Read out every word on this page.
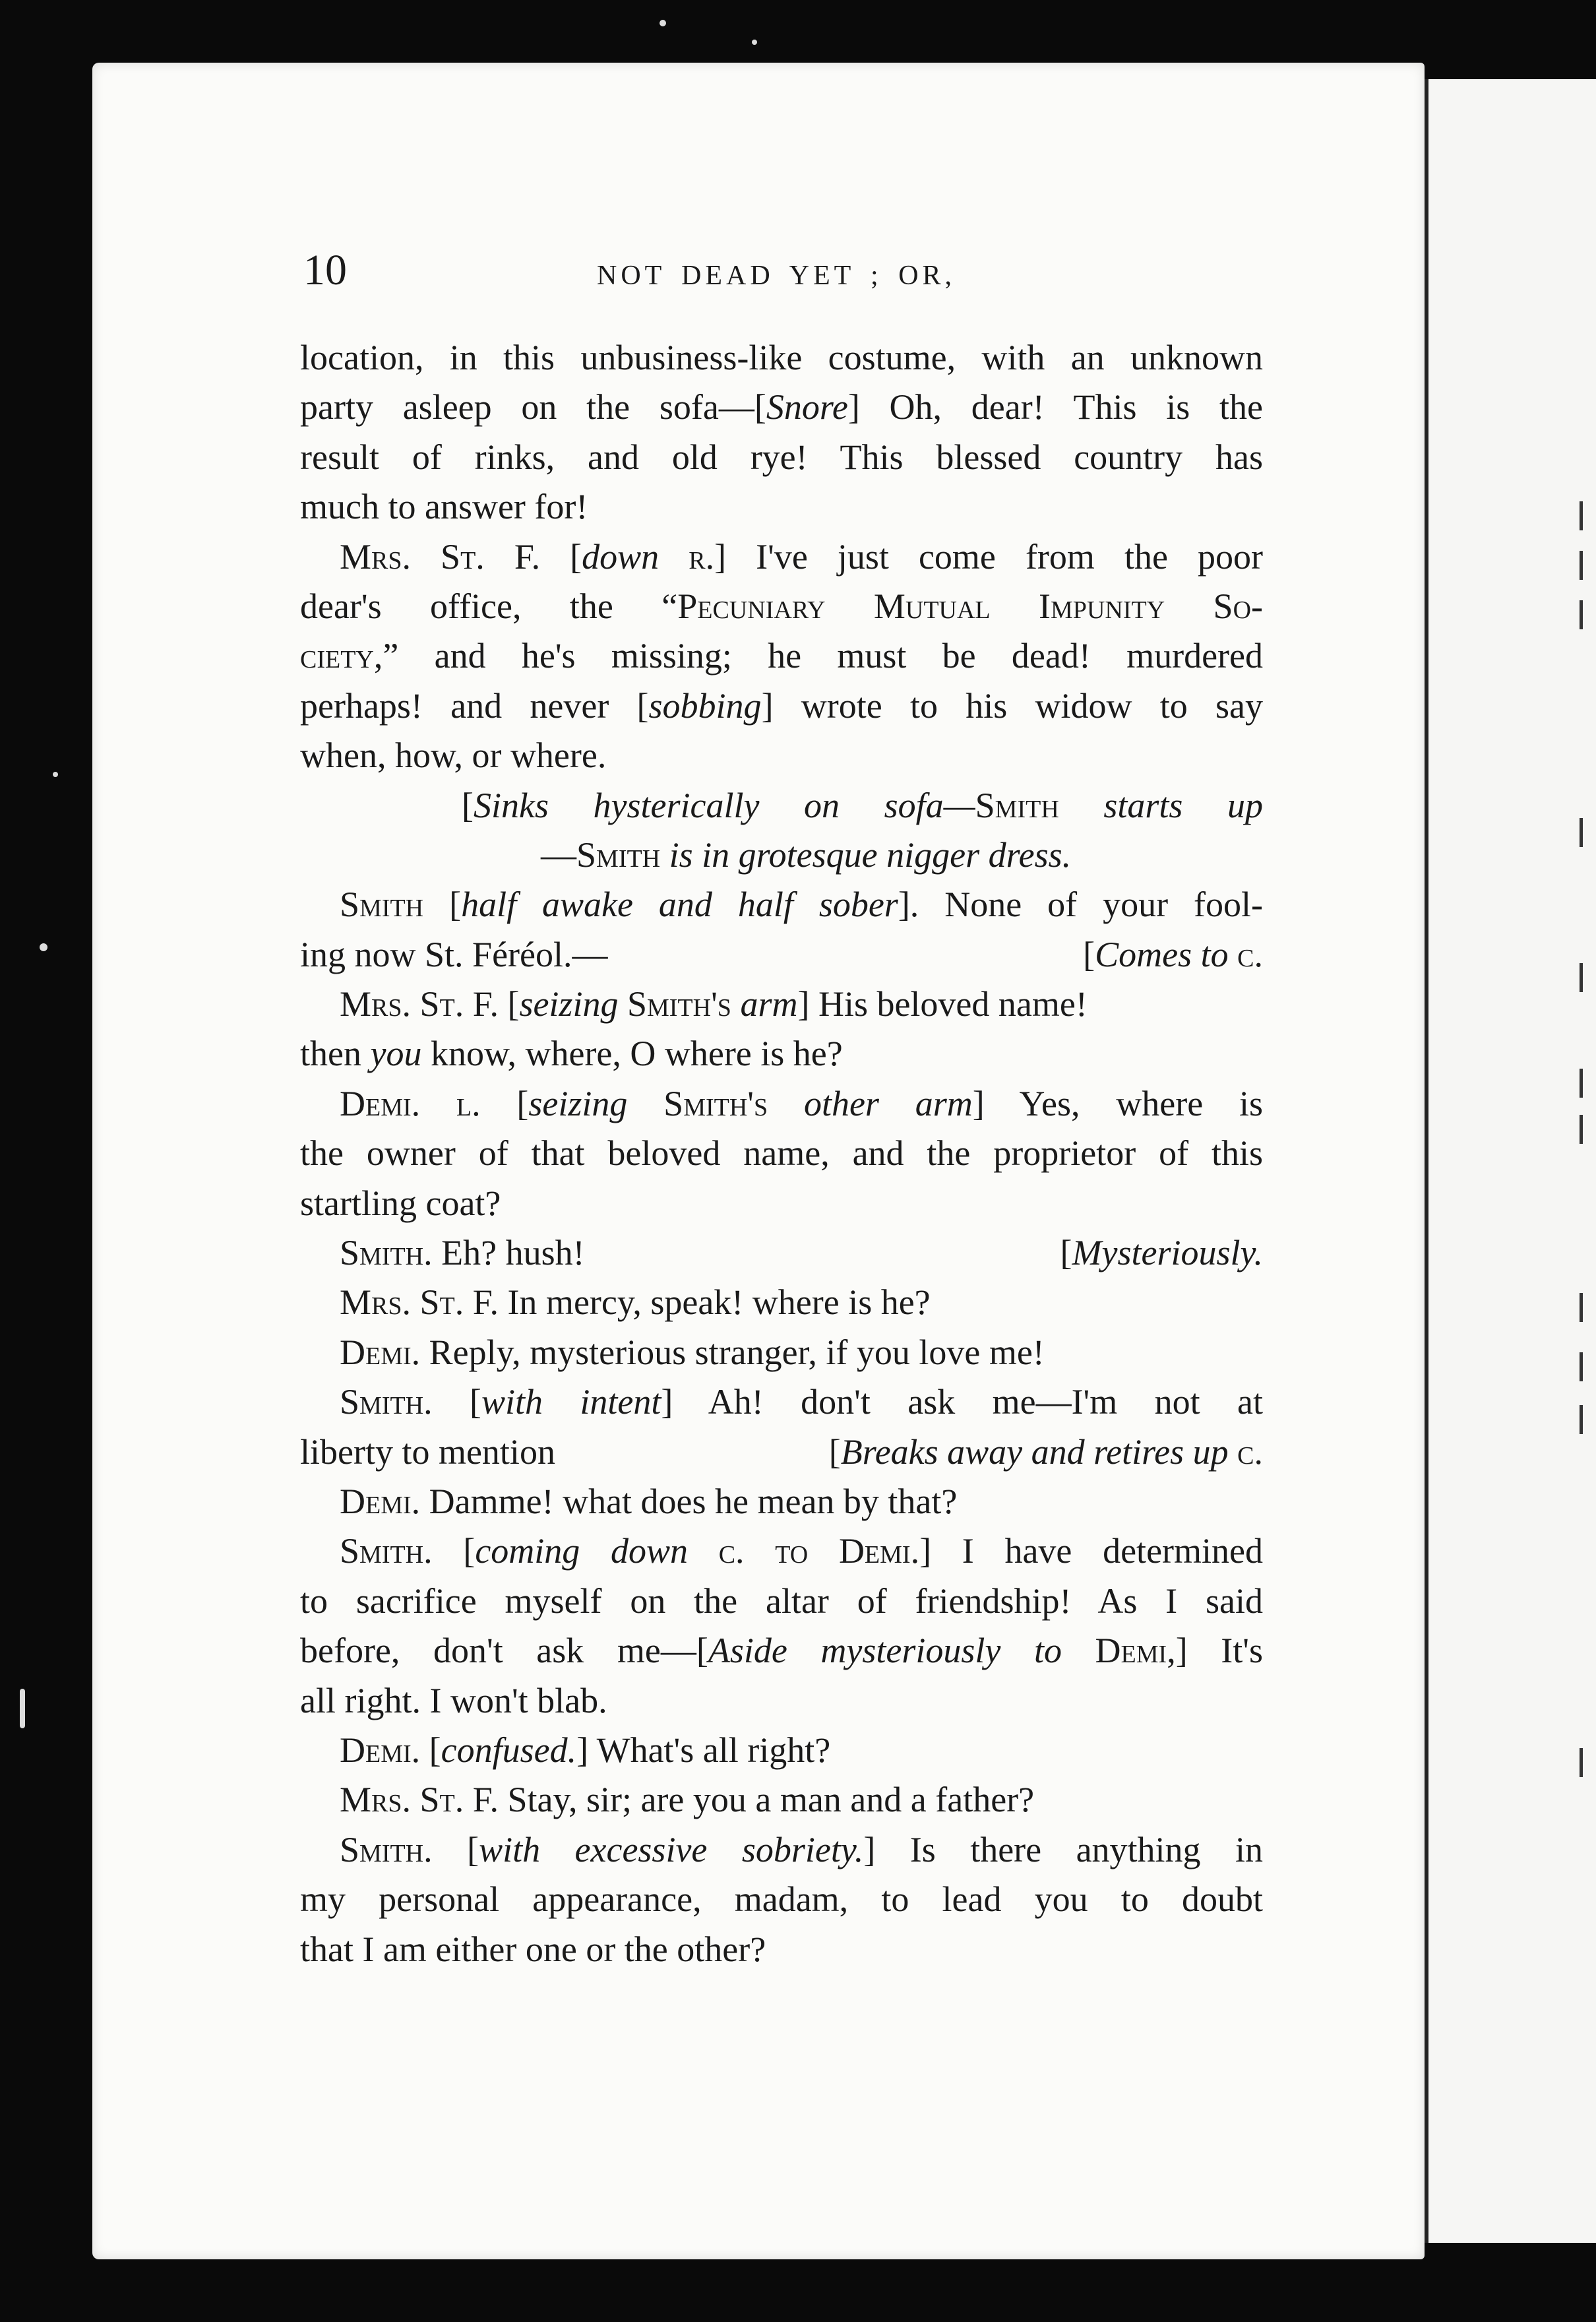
10	NOT DEAD YET ; OR,
location, in this unbusiness-like costume, with an unknown
party asleep on the sofa—[Snore] Oh, dear! This is the
result of rinks, and old rye! This blessed country has
much to answer for!
Mrs. St. F. [down r.] I've just come from the poor
dear's office, the “Pecuniary Mutual Impunity So-
ciety,” and he's missing; he must be dead! murdered
perhaps! and never [sobbing] wrote to his widow to say
when, how, or where.
[Sinks hysterically on sofa—Smith starts up
—Smith is in grotesque nigger dress.
Smith [half awake and half sober]. None of your fool-
ing now St. Féréol.—	[Comes to c.
Mrs. St. F. [seizing Smith's arm] His beloved name!
then you know, where, O where is he?
Demi. l. [seizing Smith's other arm] Yes, where is
the owner of that beloved name, and the proprietor of this
startling coat?
Smith. Eh? hush!	[Mysteriously.
Mrs. St. F. In mercy, speak! where is he?
Demi. Reply, mysterious stranger, if you love me!
Smith. [with intent] Ah! don't ask me—I'm not at
liberty to mention	[Breaks away and retires up c.
Demi. Damme! what does he mean by that?
Smith. [coming down c. to Demi.] I have determined
to sacrifice myself on the altar of friendship! As I said
before, don't ask me—[Aside mysteriously to Demi,] It's
all right. I won't blab.
Demi. [confused.] What's all right?
Mrs. St. F. Stay, sir; are you a man and a father?
Smith. [with excessive sobriety.] Is there anything in
my personal appearance, madam, to lead you to doubt
that I am either one or the other?
